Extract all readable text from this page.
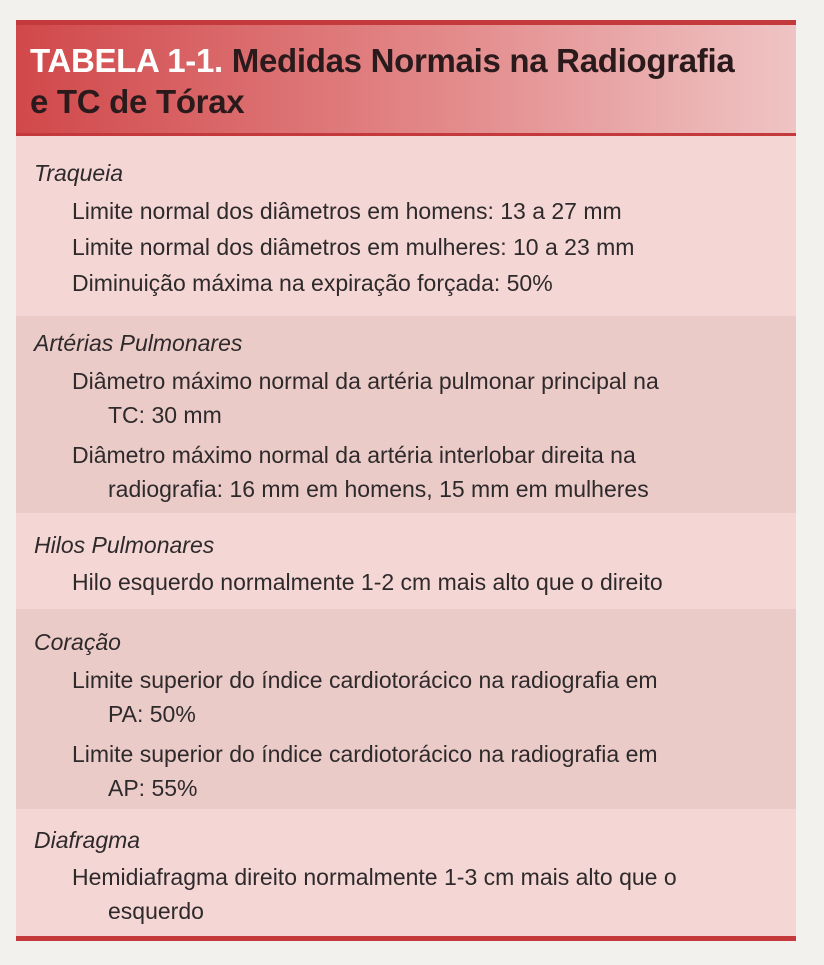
TABELA 1-1. Medidas Normais na Radiografia
e TC de Tórax
Traqueia
Limite normal dos diâmetros em homens: 13 a 27 mm
Limite normal dos diâmetros em mulheres: 10 a 23 mm
Diminuição máxima na expiração forçada: 50%
Artérias Pulmonares
Diâmetro máximo normal da artéria pulmonar principal na
TC: 30 mm
Diâmetro máximo normal da artéria interlobar direita na
radiografia: 16 mm em homens, 15 mm em mulheres
Hilos Pulmonares
Hilo esquerdo normalmente 1-2 cm mais alto que o direito
Coração
Limite superior do índice cardiotorácico na radiografia em
PA: 50%
Limite superior do índice cardiotorácico na radiografia em
AP: 55%
Diafragma
Hemidiafragma direito normalmente 1-3 cm mais alto que o
esquerdo
